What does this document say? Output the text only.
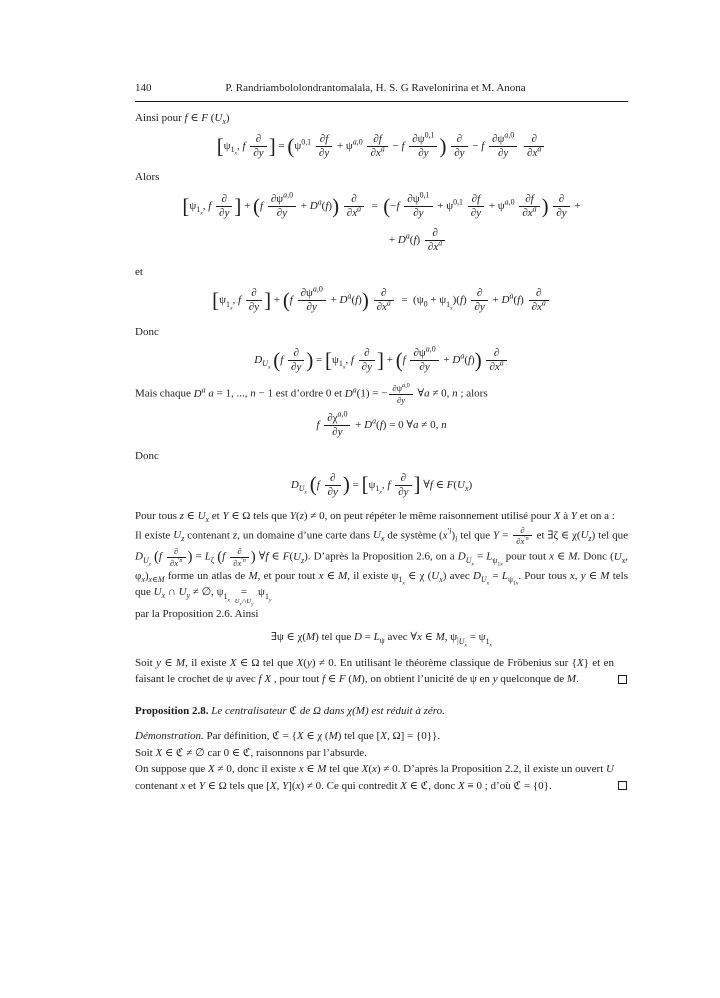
140	P. Randriambololondrantomalala, H. S. G Ravelonirina et M. Anona

Ainsi pour f ∈ F $(U_x)$

[$\psi_{1_x}$, f
∂
∂y ] = ($\psi^{0,1} \frac{\partial f}{\partial y} + \psi^{a,0} \frac{\partial f}{\partial x^a} - f \frac{\partial\psi^{0,1}}{\partial y}$ ) ∂
∂y
− f $\frac{\partial\psi^{a,0}}{\partial y}$
	∂
$\partial x^a$

Alors

[$\psi_{1_x}$, f
∂
∂y ] + $(f \frac{\partial\psi^{a,0}}{\partial y} + D^a(f))$	∂
$\partial x^a$  = ($-f \frac{\partial\psi^{0,1}}{\partial y} + \psi^{0,1} \frac{\partial f}{\partial y} + \psi^{a,0} \frac{\partial f}{\partial x^a}$ ) ∂
∂y
+
+ $D^a(f)$
∂
$\partial x^a$

et

[$\psi_{1_x}$, f
∂
∂y ] + $(f \frac{\partial\psi^{a,0}}{\partial y} + D^a(f))$	∂
$\partial x^a$  = $(\psi_0 + \psi_{1_x})(f)$
∂
∂y
+ $D^a(f)$
∂
$\partial x^a$

Donc

$D_{U_x}$ (f
∂
∂y ) = [$\psi_{1_x}$, f
∂
∂y ] + $(f \frac{\partial\psi^{a,0}}{\partial y} + D^a(f))$	∂
$\partial x^a$

Mais chaque $D^a$ a = 1, ..., n − 1 est d’ordre 0 et $D^a(1)$ = − $\frac{\partial\psi^{a,0}}{\partial y}$ ∀a ≠ 0, n ; alors

f $\frac{\partial\chi^{a,0}}{\partial y} + D^a(f) = 0$ ∀a ≠ 0, n

Donc

$D_{U_x}$ (f
∂
∂y ) = [$\psi_{1_x}$, f
∂
∂y ] ∀f ∈ $F(U_x)$

Pour tous z ∈ $U_x$ et Y ∈ Ω tels que Y(z) ≠ 0, on peut répéter le même raisonnement utilisé pour X à Y et on a :
Il existe $U_z$ contenant z, un domaine d’une carte dans $U_x$ de système $(x^{'i})_i$ tel que Y =	∂
$\partial x^{'n}$ et ∃ζ ∈ $\chi(U_z)$ tel que $D_{U_z}$ (f	∂
$\partial x^{'n}$ ) = $L_\zeta$ (f	∂
$\partial x^{'n}$ ) ∀f ∈ $F(U_z)$. D’après la Proposition 2.6, on a $D_{U_x} = L_{\psi_{1x}}$ pour tout x ∈ M. Donc ($U_x$, $\varphi_x)_{x\in M}$ forme un atlas de M, et pour tout x ∈ M, il existe $\psi_{1_x}$ ∈ χ $(U_x)$ avec $D_{U_x} = L_{\psi_{1x}}$. Pour tous x, y ∈ M tels que $U_x$ ∩ $U_y$ ≠ ∅, $\psi_{1_x}$
=
$U_x\cap U_y$
$\psi_{1_y}$
par la Proposition 2.6. Ainsi

∃ψ ∈ χ(M) tel que $D = L_\psi$ avec ∀x ∈ M, $\psi_{|U_x} = \psi_{1_x}$

Soit y ∈ M, il existe X ∈ Ω tel que X(y) ≠ 0. En utilisant le théorème classique de Fröbenius sur {X} et en faisant le crochet de ψ avec f X , pour tout f ∈ F (M), on obtient l’unicité de ψ en y quelconque de M.

Proposition 2.8. Le centralisateur ℭ de Ω dans χ(M) est réduit à zéro.

Démonstration. Par définition, ℭ = {X ∈ χ (M) tel que [X, Ω] = {0}}.
Soit X ∈ ℭ ≠ ∅ car 0 ∈ ℭ, raisonnons par l’absurde.
On suppose que X ≠ 0, donc il existe x ∈ M tel que X(x) ≠ 0. D’après la Proposition 2.2, il existe un ouvert U contenant x et Y ∈ Ω tels que [X, Y](x) ≠ 0. Ce qui contredit X ∈ ℭ, donc X ≡ 0 ; d’où ℭ = {0}.
